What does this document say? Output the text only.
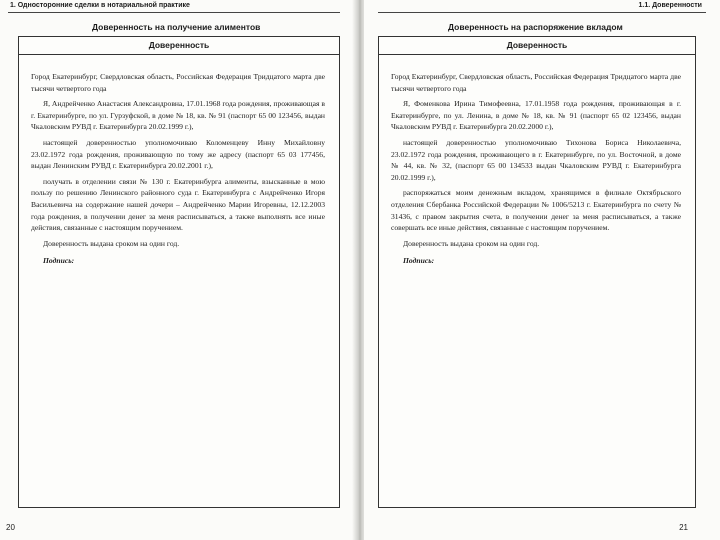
1. Односторонние сделки в нотариальной практике
Доверенность на получение алиментов
Доверенность

Город Екатеринбург, Свердловская область, Российская Федерация Тридцатого марта две тысячи четвертого года

Я, Андрейченко Анастасия Александровна, 17.01.1968 года рождения, проживающая в г. Екатеринбурге, по ул. Гурзуфской, в доме № 18, кв. № 91 (паспорт 65 00 123456, выдан Чкаловским РУВД г. Екатеринбурга 20.02.1999 г.),

настоящей доверенностью уполномочиваю Коломенцеву Инну Михайловну 23.02.1972 года рождения, проживающую по тому же адресу (паспорт 65 03 177456, выдан Ленинским РУВД г. Екатеринбурга 20.02.2001 г.),

получать в отделении связи № 130 г. Екатеринбурга алименты, взысканные в мою пользу по решению Ленинского районного суда г. Екатеринбурга с Андрейченко Игоря Васильевича на содержание нашей дочери – Андрейченко Марии Игоревны, 12.12.2003 года рождения, в получении денег за меня расписываться, а также выполнять все иные действия, связанные с настоящим поручением.

Доверенность выдана сроком на один год.

Подпись:

20
1.1. Доверенности
Доверенность на распоряжение вкладом
Доверенность

Город Екатеринбург, Свердловская область, Российская Федерация Тридцатого марта две тысячи четвертого года

Я, Фоменкова Ирина Тимофеевна, 17.01.1958 года рождения, проживающая в г. Екатеринбурге, по ул. Ленина, в доме № 18, кв. № 91 (паспорт 65 02 123456, выдан Чкаловским РУВД г. Екатеринбурга 20.02.2000 г.),

настоящей доверенностью уполномочиваю Тихонова Бориса Николаевича, 23.02.1972 года рождения, проживающего в г. Екатеринбурге, по ул. Восточной, в доме № 44, кв. № 32, (паспорт 65 00 134533 выдан Чкаловским РУВД г. Екатеринбурга 20.02.1999 г.),

распоряжаться моим денежным вкладом, хранящимся в филиале Октябрьского отделения Сбербанка Российской Федерации № 1006/5213 г. Екатеринбурга по счету № 31436, с правом закрытия счета, в получении денег за меня расписываться, а также совершать все иные действия, связанные с настоящим поручением.

Доверенность выдана сроком на один год.

Подпись:

21
